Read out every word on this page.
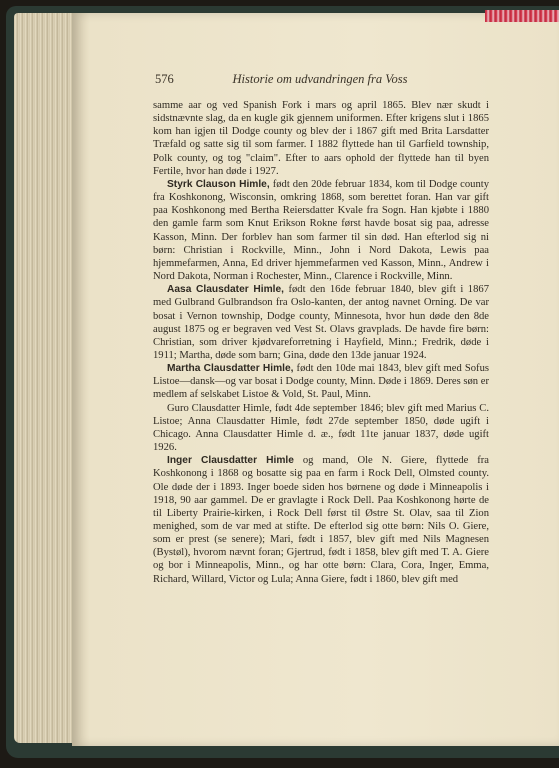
576	Historie om udvandringen fra Voss

samme aar og ved Spanish Fork i mars og april 1865. Blev nær skudt i sidstnævnte slag, da en kugle gik gjennem uniformen. Efter krigens slut i 1865 kom han igjen til Dodge county og blev der i 1867 gift med Brita Larsdatter Træfald og satte sig til som farmer. I 1882 flyttede han til Garfield township, Polk county, og tog "claim". Efter to aars ophold der flyttede han til byen Fertile, hvor han døde i 1927.

Styrk Clauson Himle, født den 20de februar 1834, kom til Dodge county fra Koshkonong, Wisconsin, omkring 1868, som berettet foran. Han var gift paa Koshkonong med Bertha Reiersdatter Kvale fra Sogn. Han kjøbte i 1880 den gamle farm som Knut Erikson Rokne først havde bosat sig paa, adresse Kasson, Minn. Der forblev han som farmer til sin død. Han efterlod sig ni børn: Christian i Rockville, Minn., John i Nord Dakota, Lewis paa hjemmefarmen, Anna, Ed driver hjemmefarmen ved Kasson, Minn., Andrew i Nord Dakota, Norman i Rochester, Minn., Clarence i Rockville, Minn.

Aasa Clausdater Himle, født den 16de februar 1840, blev gift i 1867 med Gulbrand Gulbrandson fra Oslo-kanten, der antog navnet Orning. De var bosat i Vernon township, Dodge county, Minnesota, hvor hun døde den 8de august 1875 og er begraven ved Vest St. Olavs gravplads. De havde fire børn: Christian, som driver kjødvareforretning i Hayfield, Minn.; Fredrik, døde i 1911; Martha, døde som barn; Gina, døde den 13de januar 1924.

Martha Clausdatter Himle, født den 10de mai 1843, blev gift med Sofus Listoe—dansk—og var bosat i Dodge county, Minn. Døde i 1869. Deres søn er medlem af selskabet Listoe & Vold, St. Paul, Minn.

Guro Clausdatter Himle, født 4de september 1846; blev gift med Marius C. Listoe; Anna Clausdatter Himle, født 27de september 1850, døde ugift i Chicago. Anna Clausdatter Himle d. æ., født 11te januar 1837, døde ugift 1926.

Inger Clausdatter Himle og mand, Ole N. Giere, flyttede fra Koshkonong i 1868 og bosatte sig paa en farm i Rock Dell, Olmsted county. Ole døde der i 1893. Inger boede siden hos børnene og døde i Minneapolis i 1918, 90 aar gammel. De er gravlagte i Rock Dell. Paa Koshkonong hørte de til Liberty Prairie-kirken, i Rock Dell først til Østre St. Olav, saa til Zion menighed, som de var med at stifte. De efterlod sig otte børn: Nils O. Giere, som er prest (se senere); Mari, født i 1857, blev gift med Nils Magnesen (Bystøl), hvorom nævnt foran; Gjertrud, født i 1858, blev gift med T. A. Giere og bor i Minneapolis, Minn., og har otte børn: Clara, Cora, Inger, Emma, Richard, Willard, Victor og Lula; Anna Giere, født i 1860, blev gift med
